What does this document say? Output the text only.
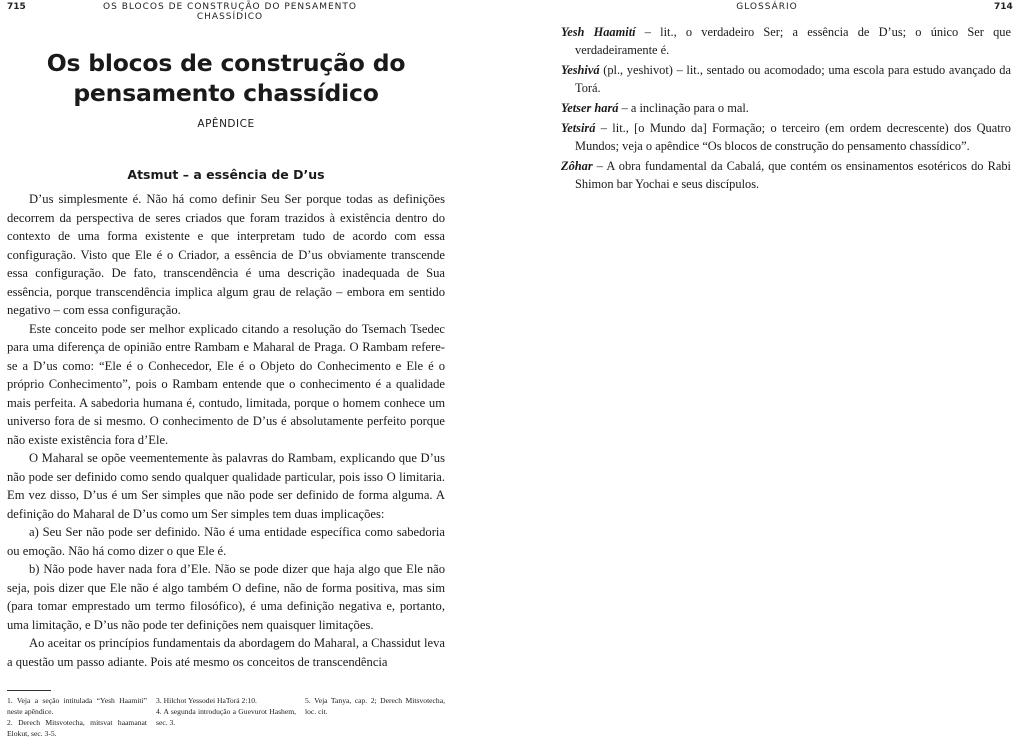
715	OS BLOCOS DE CONSTRUÇÃO DO PENSAMENTO CHASSÍDICO
Os blocos de construção do
pensamento chassídico
APÊNDICE
Atsmut – a essência de D’us

D’us simplesmente é. Não há como definir Seu Ser porque todas as definições decorrem da perspectiva de seres criados que foram trazidos à existência dentro do contexto de uma forma existente e que interpretam tudo de acordo com essa configuração. Visto que Ele é o Criador, a essência de D’us obviamente transcende essa configuração. De fato, transcendência é uma descrição inadequada de Sua essência, porque transcendência implica algum grau de relação – embora em sentido negativo – com essa configuração.

Este conceito pode ser melhor explicado citando a resolução do Tsemach Tsedec para uma diferença de opinião entre Rambam e Maharal de Praga. O Rambam refere-se a D’us como: “Ele é o Conhecedor, Ele é o Objeto do Conhecimento e Ele é o próprio Conhecimento”, pois o Rambam entende que o conhecimento é a qualidade mais perfeita. A sabedoria humana é, contudo, limitada, porque o homem conhece um universo fora de si mesmo. O conhecimento de D’us é absolutamente perfeito porque não existe existência fora d’Ele.

O Maharal se opõe veementemente às palavras do Rambam, explicando que D’us não pode ser definido como sendo qualquer qualidade particular, pois isso O limitaria. Em vez disso, D’us é um Ser simples que não pode ser definido de forma alguma. A definição do Maharal de D’us como um Ser simples tem duas implicações:

a) Seu Ser não pode ser definido. Não é uma entidade específica como sabedoria ou emoção. Não há como dizer o que Ele é.

b) Não pode haver nada fora d’Ele. Não se pode dizer que haja algo que Ele não seja, pois dizer que Ele não é algo também O define, não de forma positiva, mas sim (para tomar emprestado um termo filosófico), é uma definição negativa e, portanto, uma limitação, e D’us não pode ter definições nem quaisquer limitações.

Ao aceitar os princípios fundamentais da abordagem do Maharal, a Chassidut leva a questão um passo adiante. Pois até mesmo os conceitos de transcendência

1. Veja a seção intitulada “Yesh Haamití” neste apêndice.
2. Derech Mitsvotecha, mitsvat haamanat Elokut, sec. 3-5.
3. Hilchot Yessodei HaTorá 2:10.
4. A segunda introdução a Guevurot Hashem, sec. 3.
5. Veja Tanya, cap. 2; Derech Mitsvotecha, loc. cit.
GLOSSÁRIO	714
Yesh Haamití – lit., o verdadeiro Ser; a essência de D’us; o único Ser que verdadeiramente é.
Yeshivá (pl., yeshivot) – lit., sentado ou acomodado; uma escola para estudo avançado da Torá.
Yetser hará – a inclinação para o mal.
Yetsirá – lit., [o Mundo da] Formação; o terceiro (em ordem decrescente) dos Quatro Mundos; veja o apêndice “Os blocos de construção do pensamento chassídico”.
Zôhar – A obra fundamental da Cabalá, que contém os ensinamentos esotéricos do Rabi Shimon bar Yochai e seus discípulos.
